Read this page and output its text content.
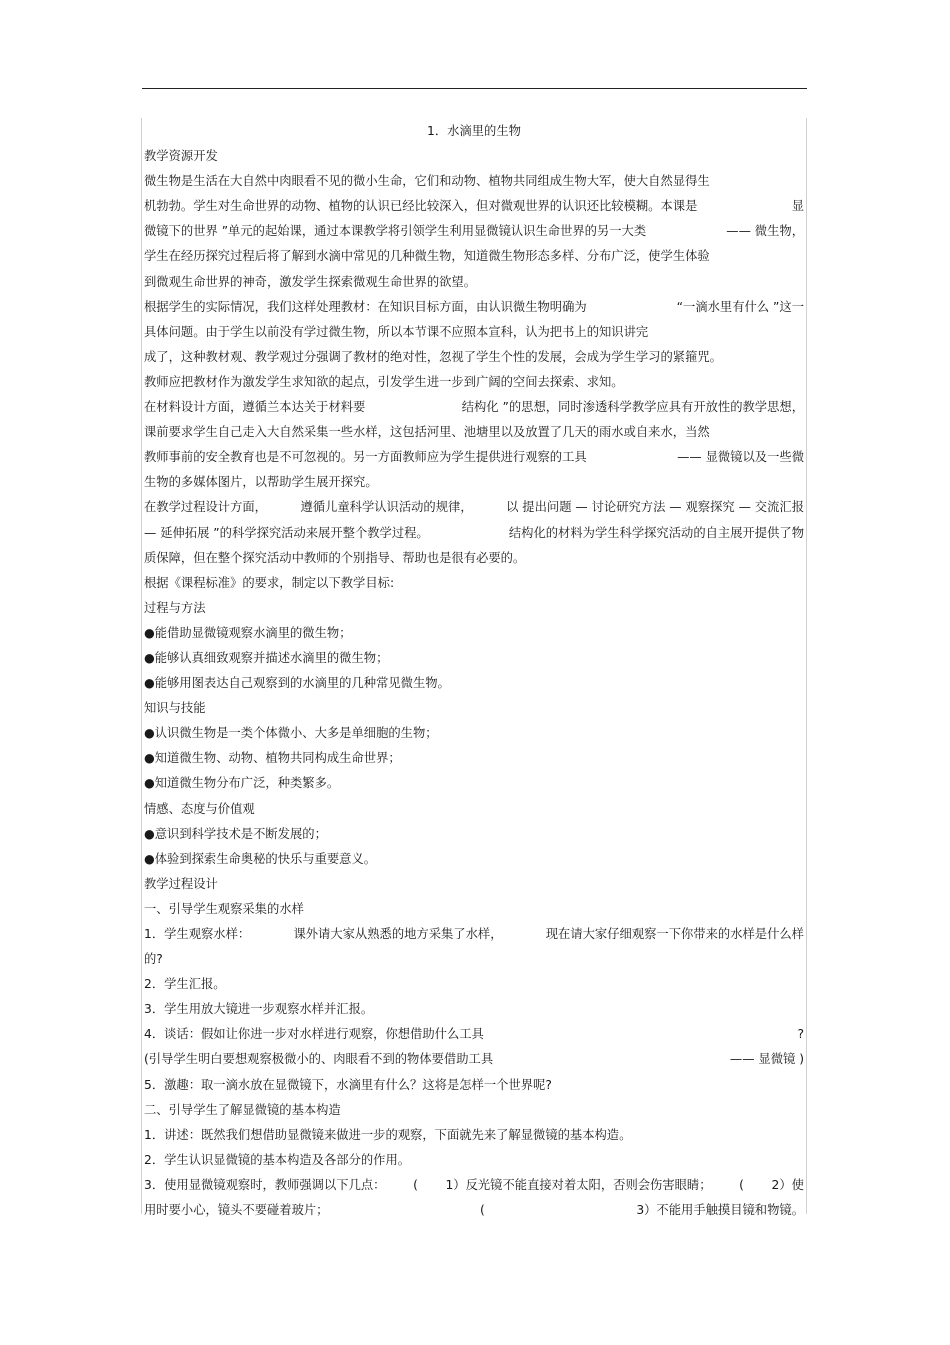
1．水滴里的生物
教学资源开发
微生物是生活在大自然中肉眼看不见的微小生命，它们和动物、植物共同组成生物大军，使大自然显得生
机勃勃。学生对生命世界的动物、植物的认识已经比较深入，但对微观世界的认识还比较模糊。本课是	显
微镜下的世界 ”单元的起始课，通过本课教学将引领学生利用显微镜认识生命世界的另一大类	—— 微生物，
学生在经历探究过程后将了解到水滴中常见的几种微生物，知道微生物形态多样、分布广泛，使学生体验
到微观生命世界的神奇，激发学生探索微观生命世界的欲望。
根据学生的实际情况，我们这样处理教材：在知识目标方面，由认识微生物明确为	“一滴水里有什么 ”这一
具体问题。由于学生以前没有学过微生物，所以本节课不应照本宣科，认为把书上的知识讲完
成了，这种教材观、教学观过分强调了教材的绝对性，忽视了学生个性的发展，会成为学生学习的紧箍咒。
教师应把教材作为激发学生求知欲的起点，引发学生进一步到广阔的空间去探索、求知。
在材料设计方面，遵循兰本达关于材料要	结构化 ”的思想，同时渗透科学教学应具有开放性的教学思想，
课前要求学生自己走入大自然采集一些水样，这包括河里、池塘里以及放置了几天的雨水或自来水，当然
教师事前的安全教育也是不可忽视的。另一方面教师应为学生提供进行观察的工具	—— 显微镜以及一些微
生物的多媒体图片，以帮助学生展开探究。
在教学过程设计方面，	遵循儿童科学认识活动的规律，	以 提出问题 — 讨论研究方法 — 观察探究 — 交流汇报
— 延伸拓展 ”的科学探究活动来展开整个教学过程。	结构化的材料为学生科学探究活动的自主展开提供了物
质保障，但在整个探究活动中教师的个别指导、帮助也是很有必要的。
根据《课程标准》的要求，制定以下教学目标:
过程与方法
●能借助显微镜观察水滴里的微生物；
●能够认真细致观察并描述水滴里的微生物；
●能够用图表达自己观察到的水滴里的几种常见微生物。
知识与技能
●认识微生物是一类个体微小、大多是单细胞的生物；
●知道微生物、动物、植物共同构成生命世界；
●知道微生物分布广泛，种类繁多。
情感、态度与价值观
●意识到科学技术是不断发展的；
●体验到探索生命奥秘的快乐与重要意义。
教学过程设计
一、引导学生观察采集的水样
1．学生观察水样：	课外请大家从熟悉的地方采集了水样，	现在请大家仔细观察一下你带来的水样是什么样
的?
2．学生汇报。
3．学生用放大镜进一步观察水样并汇报。
4．谈话：假如让你进一步对水样进行观察，你想借助什么工具	?
(引导学生明白要想观察极微小的、肉眼看不到的物体要借助工具	—— 显微镜 )
5．激趣：取一滴水放在显微镜下，水滴里有什么？这将是怎样一个世界呢?
二、引导学生了解显微镜的基本构造
1．讲述：既然我们想借助显微镜来做进一步的观察，下面就先来了解显微镜的基本构造。
2．学生认识显微镜的基本构造及各部分的作用。
3．使用显微镜观察时，教师强调以下几点： ( 1）反光镜不能直接对着太阳，否则会伤害眼睛； ( 2）使
用时要小心，镜头不要碰着玻片；	(	3）不能用手触摸目镜和物镜。
